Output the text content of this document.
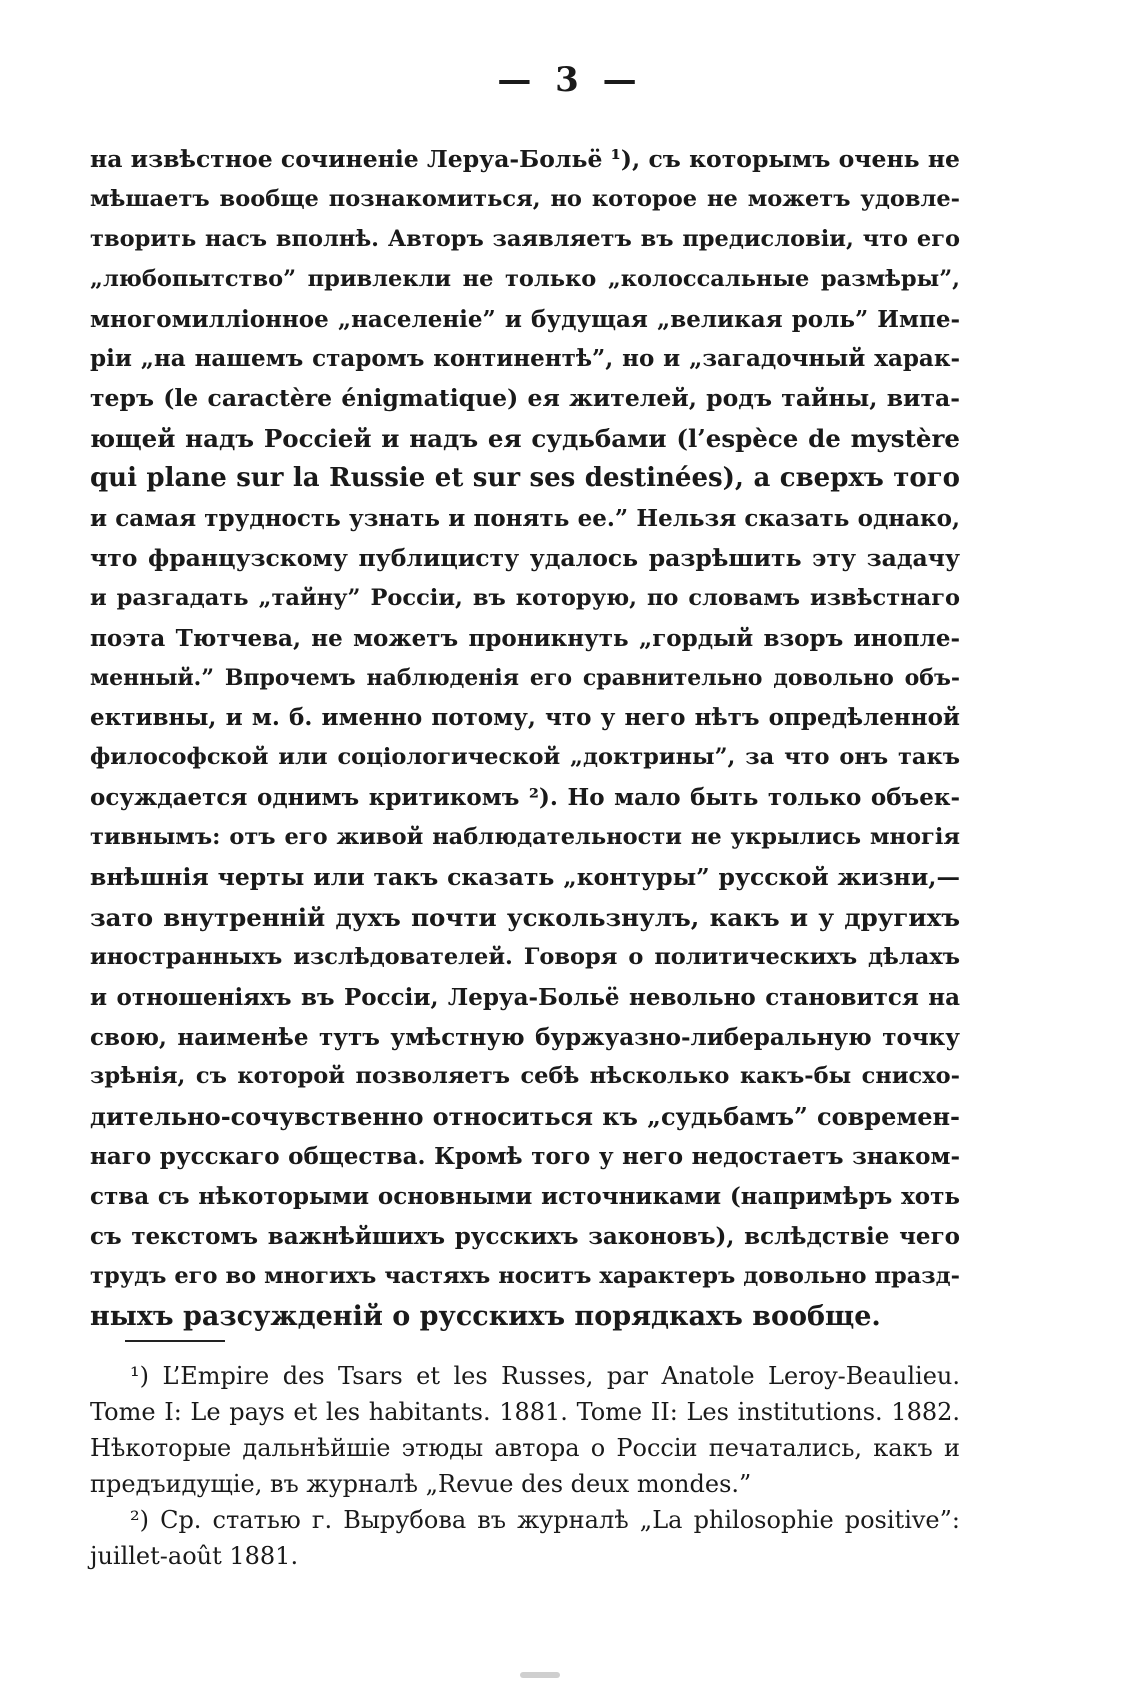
— 3 —
на извѣстное сочиненіе Леруа-Больё ¹), съ которымъ очень не
мѣшаетъ вообще познакомиться, но которое не можетъ удовле-
творить насъ вполнѣ. Авторъ заявляетъ въ предисловіи, что его
„любопытство” привлекли не только „колоссальные размѣры”,
многомилліонное „населеніе” и будущая „великая роль” Импе-
ріи „на нашемъ старомъ континентѣ”, но и „загадочный харак-
теръ (le caractère énigmatique) ея жителей, родъ тайны, вита-
ющей надъ Россіей и надъ ея судьбами (l’espèce de mystère
qui plane sur la Russie et sur ses destinées), а сверхъ того
и самая трудность узнать и понять ее.” Нельзя сказать однако,
что французскому публицисту удалось разрѣшить эту задачу
и разгадать „тайну” Россіи, въ которую, по словамъ извѣстнаго
поэта Тютчева, не можетъ проникнуть „гордый взоръ инопле-
менный.” Впрочемъ наблюденія его сравнительно довольно объ-
ективны, и м. б. именно потому, что у него нѣтъ опредѣленной
философской или соціологической „доктрины”, за что онъ такъ
осуждается однимъ критикомъ ²). Но мало быть только объек-
тивнымъ: отъ его живой наблюдательности не укрылись многія
внѣшнія черты или такъ сказать „контуры” русской жизни,—
зато внутренній духъ почти ускользнулъ, какъ и у другихъ
иностранныхъ изслѣдователей. Говоря о политическихъ дѣлахъ
и отношеніяхъ въ Россіи, Леруа-Больё невольно становится на
свою, наименѣе тутъ умѣстную буржуазно-либеральную точку
зрѣнія, съ которой позволяетъ себѣ нѣсколько какъ-бы снисхо-
дительно-сочувственно относиться къ „судьбамъ” современ-
наго русскаго общества. Кромѣ того у него недостаетъ знаком-
ства съ нѣкоторыми основными источниками (напримѣръ хоть
съ текстомъ важнѣйшихъ русскихъ законовъ), вслѣдствіе чего
трудъ его во многихъ частяхъ носитъ характеръ довольно празд-
ныхъ разсужденій о русскихъ порядкахъ вообще.
¹) L’Empire des Tsars et les Russes, par Anatole Leroy-Beaulieu.
Tome I: Le pays et les habitants. 1881. Tome II: Les institutions. 1882.
Нѣкоторые дальнѣйшіе этюды автора о Россіи печатались, какъ и
предъидущіе, въ журналѣ „Revue des deux mondes.”
²) Ср. статью г. Вырубова въ журналѣ „La philosophie positive”:
juillet-août 1881.
